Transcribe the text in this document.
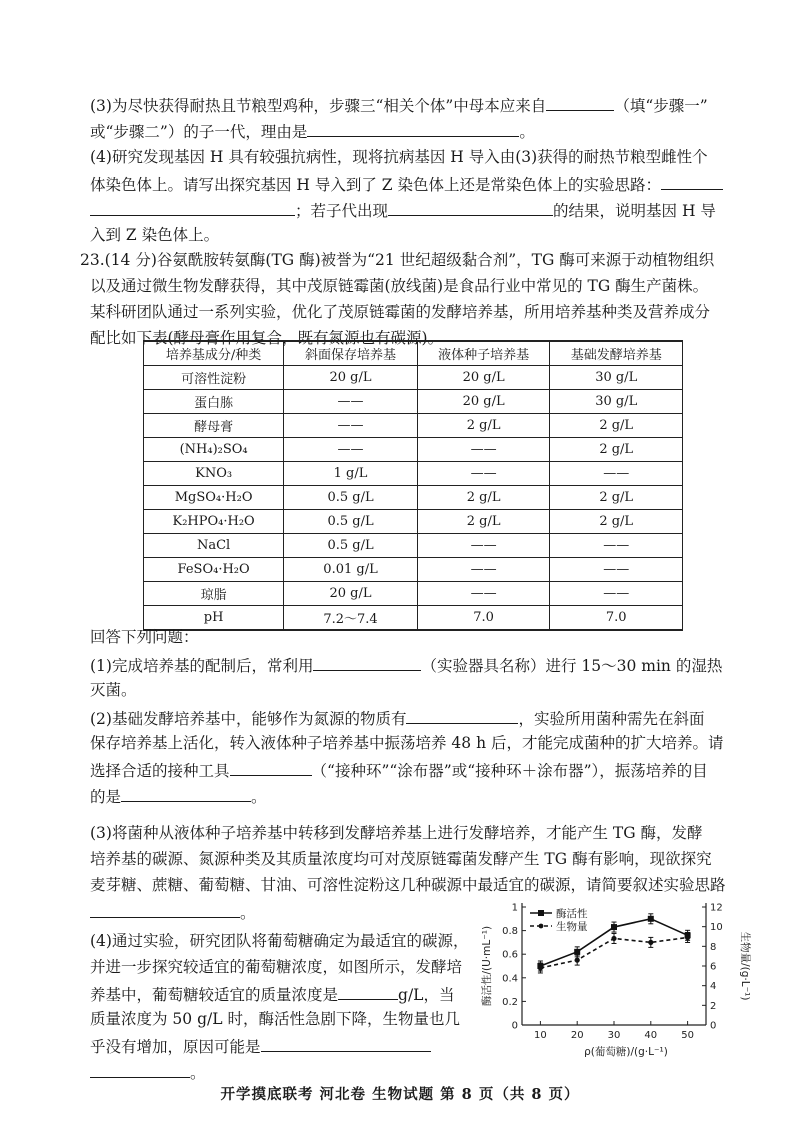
(3)为尽快获得耐热且节粮型鸡种，步骤三“相关个体”中母本应来自	（填“步骤一”
或“步骤二”）的子一代，理由是	。
(4)研究发现基因 H 具有较强抗病性，现将抗病基因 H 导入由(3)获得的耐热节粮型雌性个
体染色体上。请写出探究基因 H 导入到了 Z 染色体上还是常染色体上的实验思路：
；若子代出现	的结果，说明基因 H 导
入到 Z 染色体上。
23.(14 分)谷氨酰胺转氨酶(TG 酶)被誉为“21 世纪超级黏合剂”，TG 酶可来源于动植物组织
以及通过微生物发酵获得，其中茂原链霉菌(放线菌)是食品行业中常见的 TG 酶生产菌株。
某科研团队通过一系列实验，优化了茂原链霉菌的发酵培养基，所用培养基种类及营养成分
配比如下表(酵母膏作用复合，既有氮源也有碳源)。
培养基成分/种类	斜面保存培养基	液体种子培养基	基础发酵培养基
可溶性淀粉	20 g/L	20 g/L	30 g/L
蛋白胨	——	20 g/L	30 g/L
酵母膏	——	2 g/L	2 g/L
(NH₄)₂SO₄	——	——	2 g/L
KNO₃	1 g/L	——	——
MgSO₄·H₂O	0.5 g/L	2 g/L	2 g/L
K₂HPO₄·H₂O	0.5 g/L	2 g/L	2 g/L
NaCl	0.5 g/L	——	——
FeSO₄·H₂O	0.01 g/L	——	——
琼脂	20 g/L	——	——
pH	7.2～7.4	7.0	7.0
回答下列问题：
(1)完成培养基的配制后，常利用	（实验器具名称）进行 15～30 min 的湿热
灭菌。
(2)基础发酵培养基中，能够作为氮源的物质有	，实验所用菌种需先在斜面
保存培养基上活化，转入液体种子培养基中振荡培养 48 h 后，才能完成菌种的扩大培养。请
选择合适的接种工具	（“接种环”“涂布器”或“接种环＋涂布器”），振荡培养的目
的是	。
(3)将菌种从液体种子培养基中转移到发酵培养基上进行发酵培养，才能产生 TG 酶，发酵
培养基的碳源、氮源种类及其质量浓度均可对茂原链霉菌发酵产生 TG 酶有影响，现欲探究
麦芽糖、蔗糖、葡萄糖、甘油、可溶性淀粉这几种碳源中最适宜的碳源，请简要叙述实验思路
。
(4)通过实验，研究团队将葡萄糖确定为最适宜的碳源，
并进一步探究较适宜的葡萄糖浓度，如图所示，发酵培
养基中，葡萄糖较适宜的质量浓度是	g/L，当
质量浓度为 50 g/L 时，酶活性急剧下降，生物量也几
乎没有增加，原因可能是
。
0
0.2
0.4
0.6
0.8
1
0
2
4
6
8
10
12
10 20 30 40 50
ρ(葡萄糖)/(g·L⁻¹)
酶活性/(U·mL⁻¹)	生物量/(g·L⁻¹)
酶活性
生物量
开学摸底联考 河北卷 生物试题 第 8 页（共 8 页）
